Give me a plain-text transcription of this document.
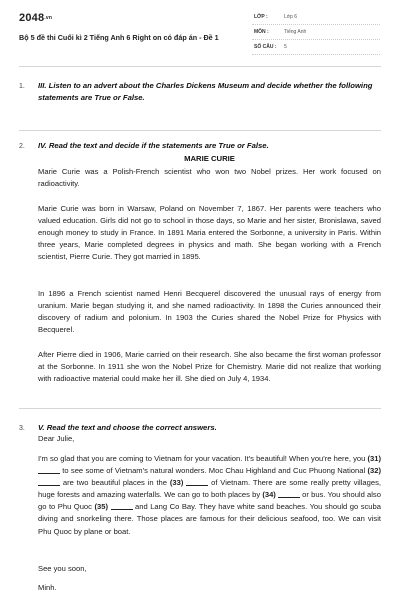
2048.vn
Bộ 5 đề thi Cuối kì 2 Tiếng Anh 6 Right on có đáp án - Đề 1
LỚP :	Lớp 6
MÔN :	Tiếng Anh
SỐ CÂU : 5
1. III. Listen to an advert about the Charles Dickens Museum and decide whether the following statements are True or False.
2. IV. Read the text and decide if the statements are True or False.
MARIE CURIE

Marie Curie was a Polish-French scientist who won two Nobel prizes. Her work focused on radioactivity.

Marie Curie was born in Warsaw, Poland on November 7, 1867. Her parents were teachers who valued education. Girls did not go to school in those days, so Marie and her sister, Bronislawa, saved enough money to study in France. In 1891 Maria entered the Sorbonne, a university in Paris. Within three years, Marie completed degrees in physics and math. She began working with a French scientist, Pierre Curie. They got married in 1895.

In 1896 a French scientist named Henri Becquerel discovered the unusual rays of energy from uranium. Marie began studying it, and she named radioactivity. In 1898 the Curies announced their discovery of radium and polonium. In 1903 the Curies shared the Nobel Prize for Physics with Becquerel.

After Pierre died in 1906, Marie carried on their research. She also became the first woman professor at the Sorbonne. In 1911 she won the Nobel Prize for Chemistry. Marie did not realize that working with radioactive material could make her ill. She died on July 4, 1934.

3. V. Read the text and choose the correct answers.
Dear Julie,

I'm so glad that you are coming to Vietnam for your vacation. It's beautiful! When you're here, you (31)  to see some of Vietnam's natural wonders. Moc Chau Highland and Cuc Phuong National (32)  are two beautiful places in the (33)	of Vietnam. There are some really pretty villages, huge forests and amazing waterfalls. We can go to both places by (34)	or bus. You should also go to Phu Quoc (35)	and Lang Co Bay. They have white sand beaches. You should go scuba diving and snorkeling there. Those places are famous for their delicious seafood, too. We can visit Phu Quoc by plane or boat.

See you soon,
Minh.
